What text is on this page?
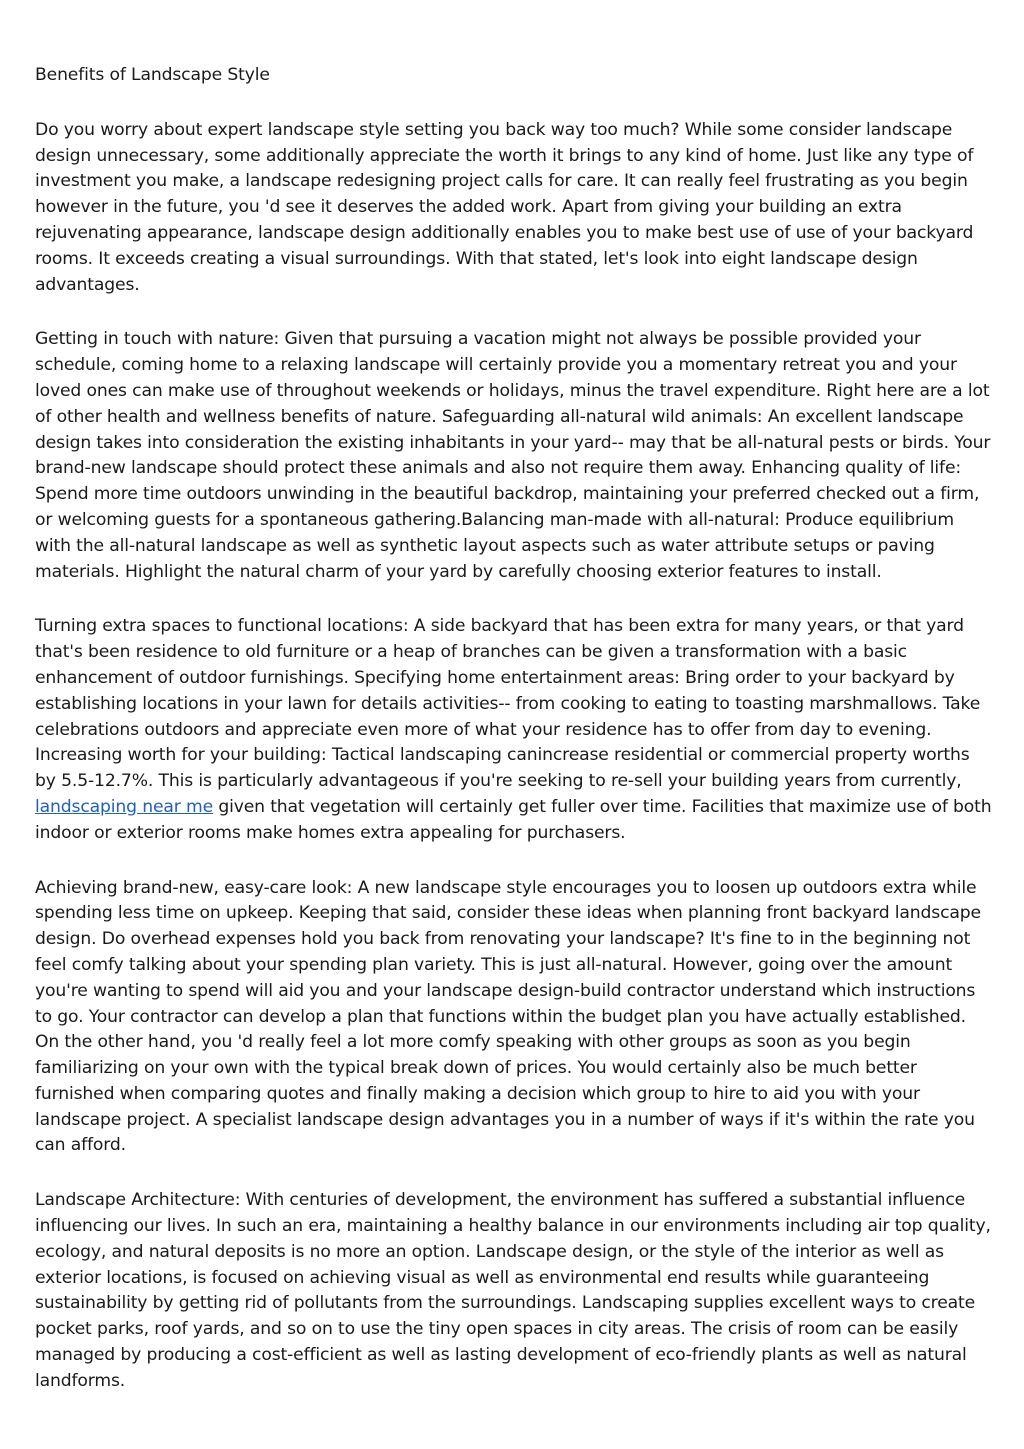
Benefits of Landscape Style

Do you worry about expert landscape style setting you back way too much? While some consider landscape design unnecessary, some additionally appreciate the worth it brings to any kind of home. Just like any type of investment you make, a landscape redesigning project calls for care. It can really feel frustrating as you begin however in the future, you 'd see it deserves the added work. Apart from giving your building an extra rejuvenating appearance, landscape design additionally enables you to make best use of use of your backyard rooms. It exceeds creating a visual surroundings. With that stated, let's look into eight landscape design advantages.

Getting in touch with nature: Given that pursuing a vacation might not always be possible provided your schedule, coming home to a relaxing landscape will certainly provide you a momentary retreat you and your loved ones can make use of throughout weekends or holidays, minus the travel expenditure. Right here are a lot of other health and wellness benefits of nature. Safeguarding all-natural wild animals: An excellent landscape design takes into consideration the existing inhabitants in your yard-- may that be all-natural pests or birds. Your brand-new landscape should protect these animals and also not require them away. Enhancing quality of life: Spend more time outdoors unwinding in the beautiful backdrop, maintaining your preferred checked out a firm, or welcoming guests for a spontaneous gathering.Balancing man-made with all-natural: Produce equilibrium with the all-natural landscape as well as synthetic layout aspects such as water attribute setups or paving materials. Highlight the natural charm of your yard by carefully choosing exterior features to install.

Turning extra spaces to functional locations: A side backyard that has been extra for many years, or that yard that's been residence to old furniture or a heap of branches can be given a transformation with a basic enhancement of outdoor furnishings. Specifying home entertainment areas: Bring order to your backyard by establishing locations in your lawn for details activities-- from cooking to eating to toasting marshmallows. Take celebrations outdoors and appreciate even more of what your residence has to offer from day to evening. Increasing worth for your building: Tactical landscaping canincrease residential or commercial property worths by 5.5-12.7%. This is particularly advantageous if you're seeking to re-sell your building years from currently, landscaping near me given that vegetation will certainly get fuller over time. Facilities that maximize use of both indoor or exterior rooms make homes extra appealing for purchasers.

Achieving brand-new, easy-care look: A new landscape style encourages you to loosen up outdoors extra while spending less time on upkeep. Keeping that said, consider these ideas when planning front backyard landscape design. Do overhead expenses hold you back from renovating your landscape? It's fine to in the beginning not feel comfy talking about your spending plan variety. This is just all-natural. However, going over the amount you're wanting to spend will aid you and your landscape design-build contractor understand which instructions to go. Your contractor can develop a plan that functions within the budget plan you have actually established. On the other hand, you 'd really feel a lot more comfy speaking with other groups as soon as you begin familiarizing on your own with the typical break down of prices. You would certainly also be much better furnished when comparing quotes and finally making a decision which group to hire to aid you with your landscape project. A specialist landscape design advantages you in a number of ways if it's within the rate you can afford.

Landscape Architecture: With centuries of development, the environment has suffered a substantial influence influencing our lives. In such an era, maintaining a healthy balance in our environments including air top quality, ecology, and natural deposits is no more an option. Landscape design, or the style of the interior as well as exterior locations, is focused on achieving visual as well as environmental end results while guaranteeing sustainability by getting rid of pollutants from the surroundings. Landscaping supplies excellent ways to create pocket parks, roof yards, and so on to use the tiny open spaces in city areas. The crisis of room can be easily managed by producing a cost-efficient as well as lasting development of eco-friendly plants as well as natural landforms.
